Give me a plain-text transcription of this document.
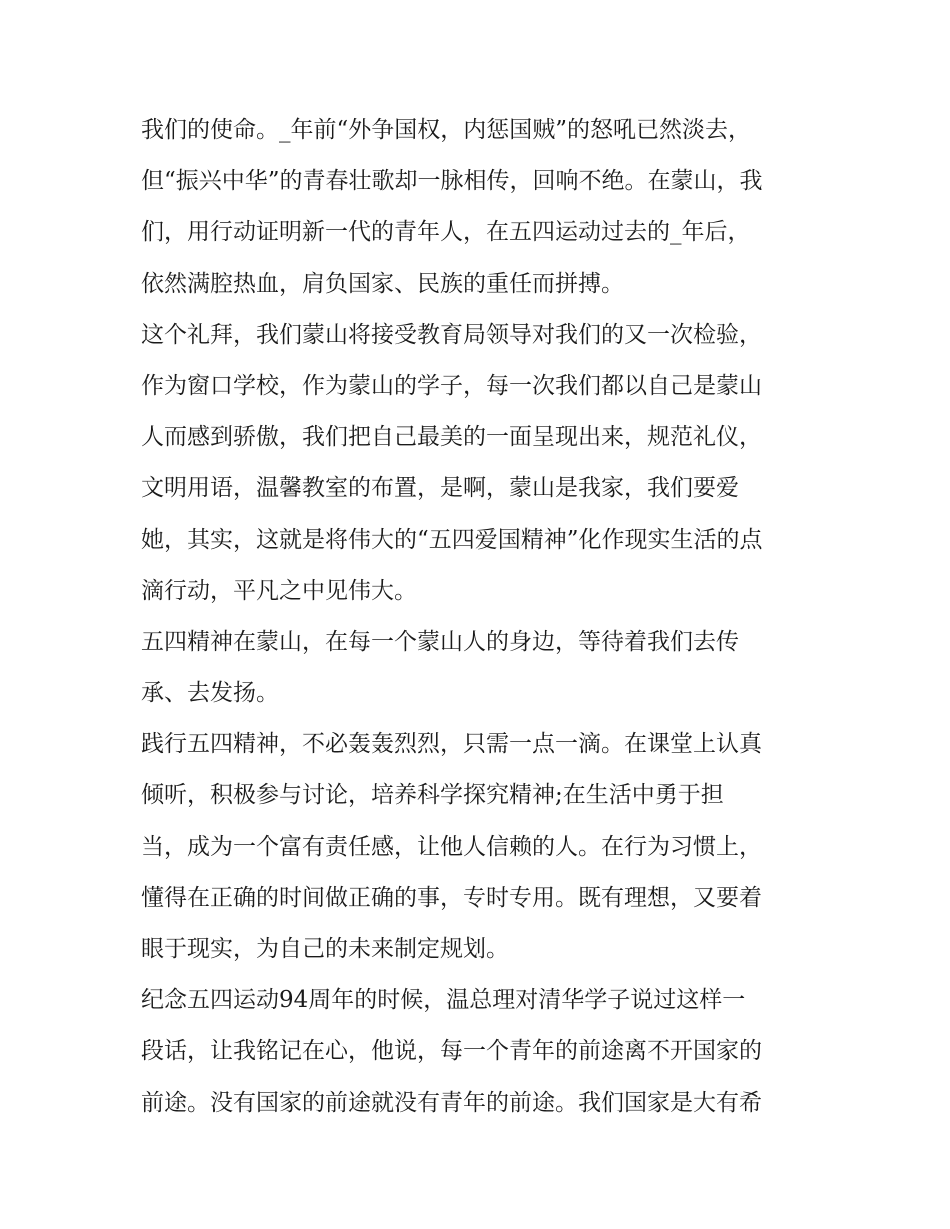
我们的使命。_年前“外争国权，内惩国贼”的怒吼已然淡去，
但“振兴中华”的青春壮歌却一脉相传，回响不绝。在蒙山，我
们，用行动证明新一代的青年人，在五四运动过去的_年后，
依然满腔热血，肩负国家、民族的重任而拼搏。
这个礼拜，我们蒙山将接受教育局领导对我们的又一次检验，
作为窗口学校，作为蒙山的学子，每一次我们都以自己是蒙山
人而感到骄傲，我们把自己最美的一面呈现出来，规范礼仪，
文明用语，温馨教室的布置，是啊，蒙山是我家，我们要爱
她，其实，这就是将伟大的“五四爱国精神”化作现实生活的点
滴行动，平凡之中见伟大。
五四精神在蒙山，在每一个蒙山人的身边，等待着我们去传
承、去发扬。
践行五四精神，不必轰轰烈烈，只需一点一滴。在课堂上认真
倾听，积极参与讨论，培养科学探究精神;在生活中勇于担
当，成为一个富有责任感，让他人信赖的人。在行为习惯上，
懂得在正确的时间做正确的事，专时专用。既有理想，又要着
眼于现实，为自己的未来制定规划。
纪念五四运动94周年的时候，温总理对清华学子说过这样一
段话，让我铭记在心，他说，每一个青年的前途离不开国家的
前途。没有国家的前途就没有青年的前途。我们国家是大有希
